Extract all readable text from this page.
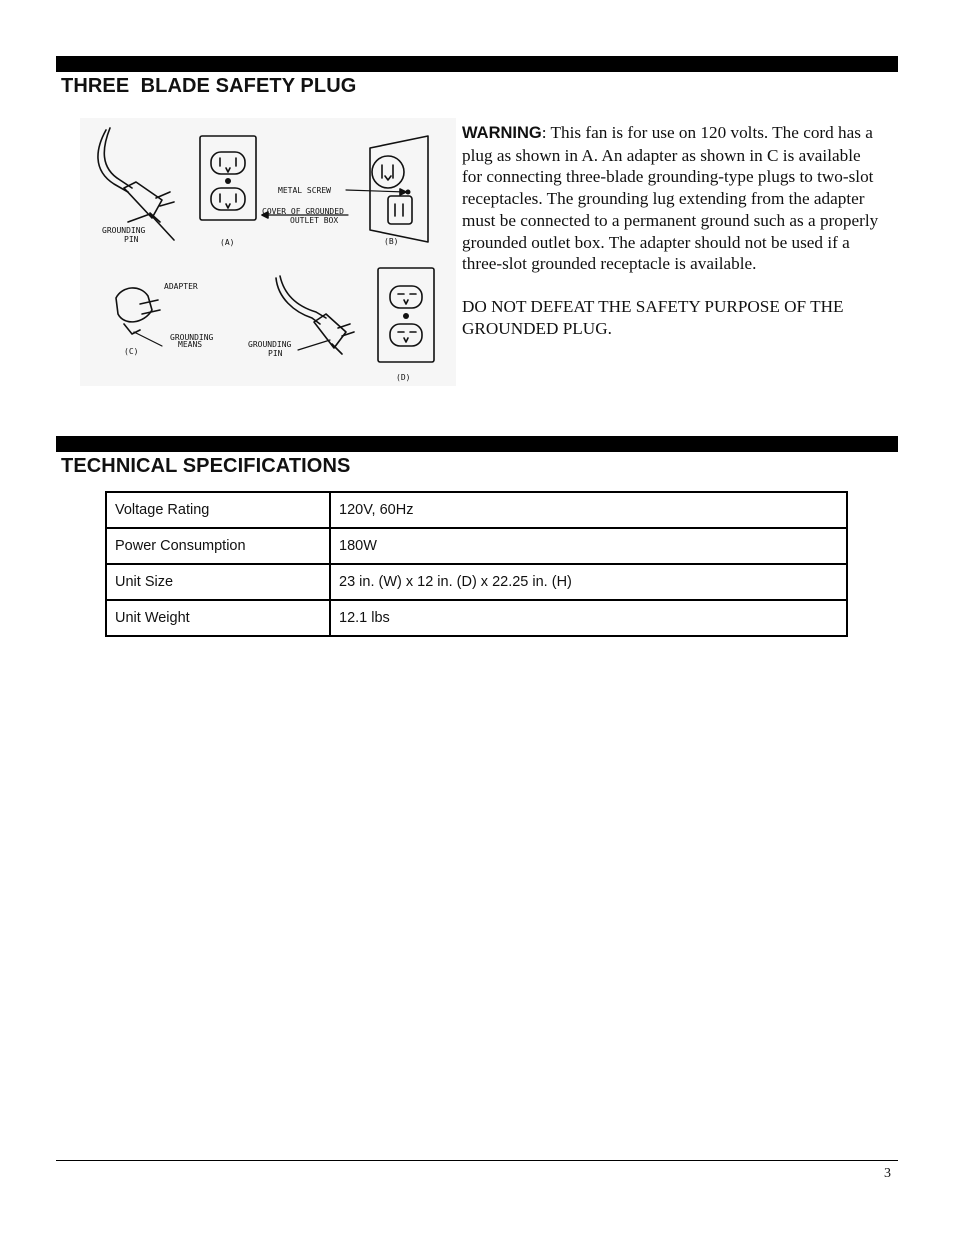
THREE  BLADE SAFETY PLUG
GROUNDING
PIN	(A)
METAL SCREW
COVER OF GROUNDED
OUTLET BOX
(B)
ADAPTER
GROUNDING
MEANS
(C)
GROUNDING
PIN
(D)

WARNING: This fan is for use on 120 volts. The cord has a plug as shown in A. An adapter as shown in C is available for connecting three-blade grounding-type plugs to two-slot receptacles. The grounding lug extending from the adapter must be connected to a permanent ground such as a properly grounded outlet box. The adapter should not be used if a three-slot grounded receptacle is available.

DO NOT DEFEAT THE SAFETY PURPOSE OF THE GROUNDED PLUG.

TECHNICAL SPECIFICATIONS
Voltage Rating	120V, 60Hz
Power Consumption	180W
Unit Size	23 in. (W) x 12 in. (D) x 22.25 in. (H)
Unit Weight	12.1 lbs
3
